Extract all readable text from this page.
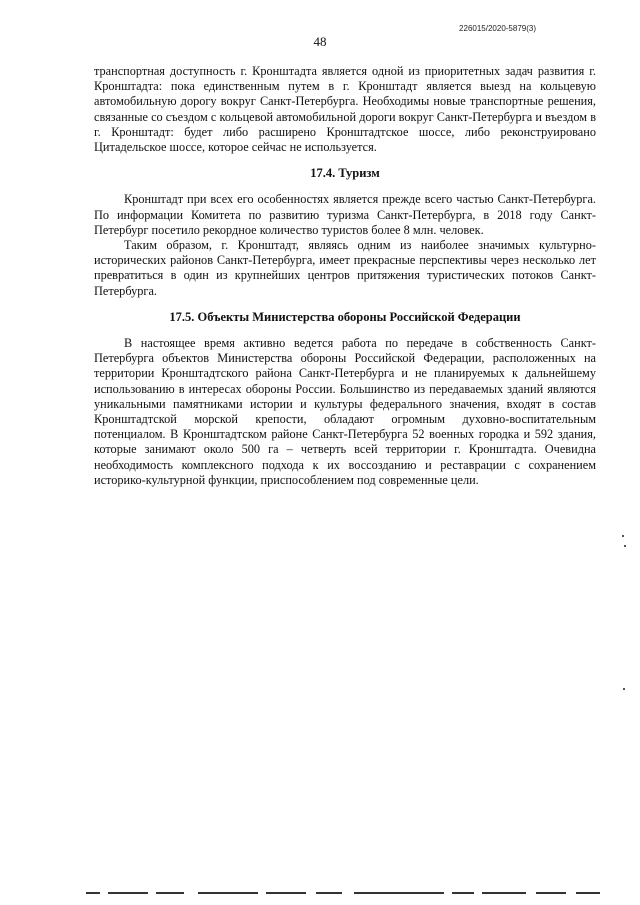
226015/2020-5879(3)
48

транспортная доступность г. Кронштадта является одной из приоритетных задач развития г. Кронштадта: пока единственным путем в г. Кронштадт является выезд на кольцевую автомобильную дорогу вокруг Санкт-Петербурга. Необходимы новые транспортные решения, связанные со съездом с кольцевой автомобильной дороги вокруг Санкт-Петербурга и въездом в г. Кронштадт: будет либо расширено Кронштадтское шоссе, либо реконструировано Цитадельское шоссе, которое сейчас не используется.

17.4. Туризм

Кронштадт при всех его особенностях является прежде всего частью Санкт-Петербурга. По информации Комитета по развитию туризма Санкт-Петербурга, в 2018 году Санкт-Петербург посетило рекордное количество туристов более 8 млн. человек.

Таким образом, г. Кронштадт, являясь одним из наиболее значимых культурно-исторических районов Санкт-Петербурга, имеет прекрасные перспективы через несколько лет превратиться в один из крупнейших центров притяжения туристических потоков Санкт-Петербурга.

17.5. Объекты Министерства обороны Российской Федерации

В настоящее время активно ведется работа по передаче в собственность Санкт-Петербурга объектов Министерства обороны Российской Федерации, расположенных на территории Кронштадтского района Санкт-Петербурга и не планируемых к дальнейшему использованию в интересах обороны России. Большинство из передаваемых зданий являются уникальными памятниками истории и культуры федерального значения, входят в состав Кронштадтской морской крепости, обладают огромным духовно-воспитательным потенциалом. В Кронштадтском районе Санкт-Петербурга 52 военных городка и 592 здания, которые занимают около 500 га – четверть всей территории г. Кронштадта. Очевидна необходимость комплексного подхода к их воссозданию и реставрации с сохранением историко-культурной функции, приспособлением под современные цели.
